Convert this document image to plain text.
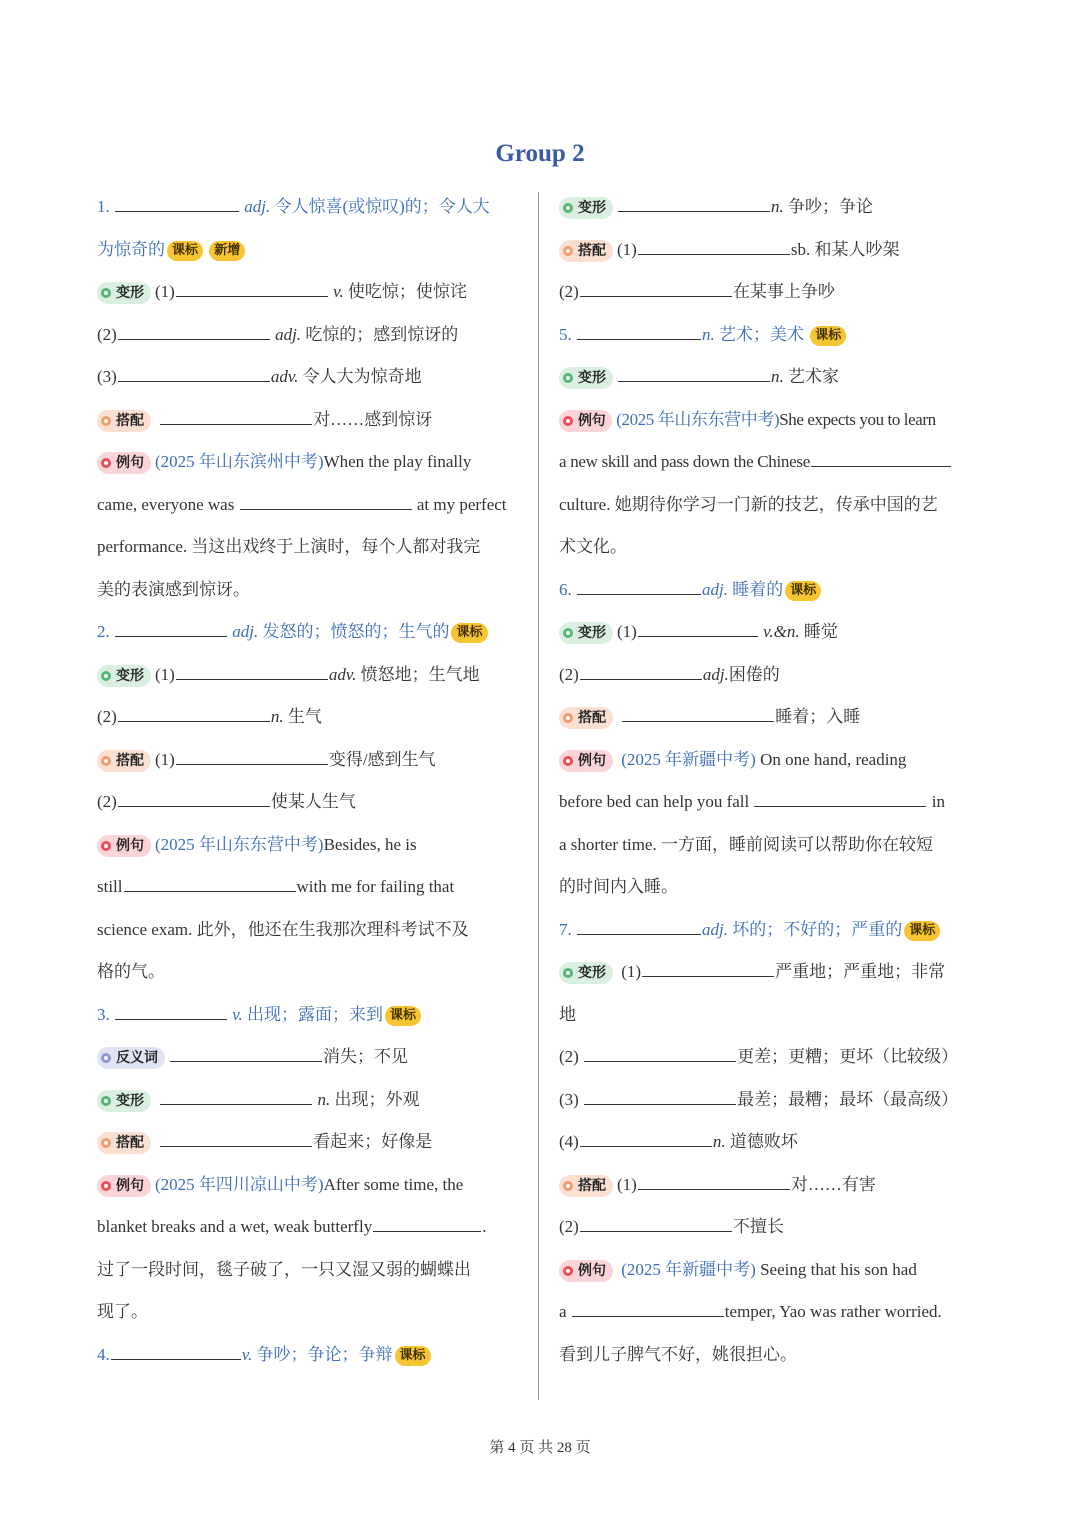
Group 2
1.	adj. 令人惊喜(或惊叹)的；令人大
为惊奇的 课标 新增
变形 (1)	v. 使吃惊；使惊诧
(2)	adj. 吃惊的；感到惊讶的
(3)	adv. 令人大为惊奇地
搭配	对……感到惊讶
例句 (2025 年山东滨州中考)When the play finally
came, everyone was	at my perfect
performance. 当这出戏终于上演时，每个人都对我完
美的表演感到惊讶。
2.	adj. 发怒的；愤怒的；生气的 课标
变形 (1)	adv. 愤怒地；生气地
(2)	n. 生气
搭配 (1)	变得/感到生气
(2)	使某人生气
例句 (2025 年山东东营中考)Besides, he is
still	with me for failing that
science exam. 此外，他还在生我那次理科考试不及
格的气。
3.	v. 出现；露面；来到 课标
反义词	消失；不见
变形	n. 出现；外观
搭配	看起来；好像是
例句 (2025 年四川凉山中考)After some time, the
blanket breaks and a wet, weak butterfly	.
过了一段时间，毯子破了，一只又湿又弱的蝴蝶出
现了。
4.	v. 争吵；争论；争辩 课标
变形	n. 争吵；争论
搭配 (1)	sb. 和某人吵架
(2)	在某事上争吵
5.	n. 艺术；美术 课标
变形	n. 艺术家
例句 (2025 年山东东营中考)She expects you to learn
a new skill and pass down the Chinese
culture. 她期待你学习一门新的技艺，传承中国的艺
术文化。
6.	adj. 睡着的 课标
变形 (1)	v.&n. 睡觉
(2)	adj.困倦的
搭配	睡着；入睡
例句 (2025 年新疆中考) On one hand, reading
before bed can help you fall	in
a shorter time. 一方面，睡前阅读可以帮助你在较短
的时间内入睡。
7.	adj. 坏的；不好的；严重的 课标
变形 (1)	严重地；严重地；非常
地
(2)	更差；更糟；更坏（比较级）
(3)	最差；最糟；最坏（最高级）
(4)	n. 道德败坏
搭配 (1)	对……有害
(2)	不擅长
例句 (2025 年新疆中考) Seeing that his son had
a	temper, Yao was rather worried.
看到儿子脾气不好，姚很担心。
第 4 页 共 28 页
